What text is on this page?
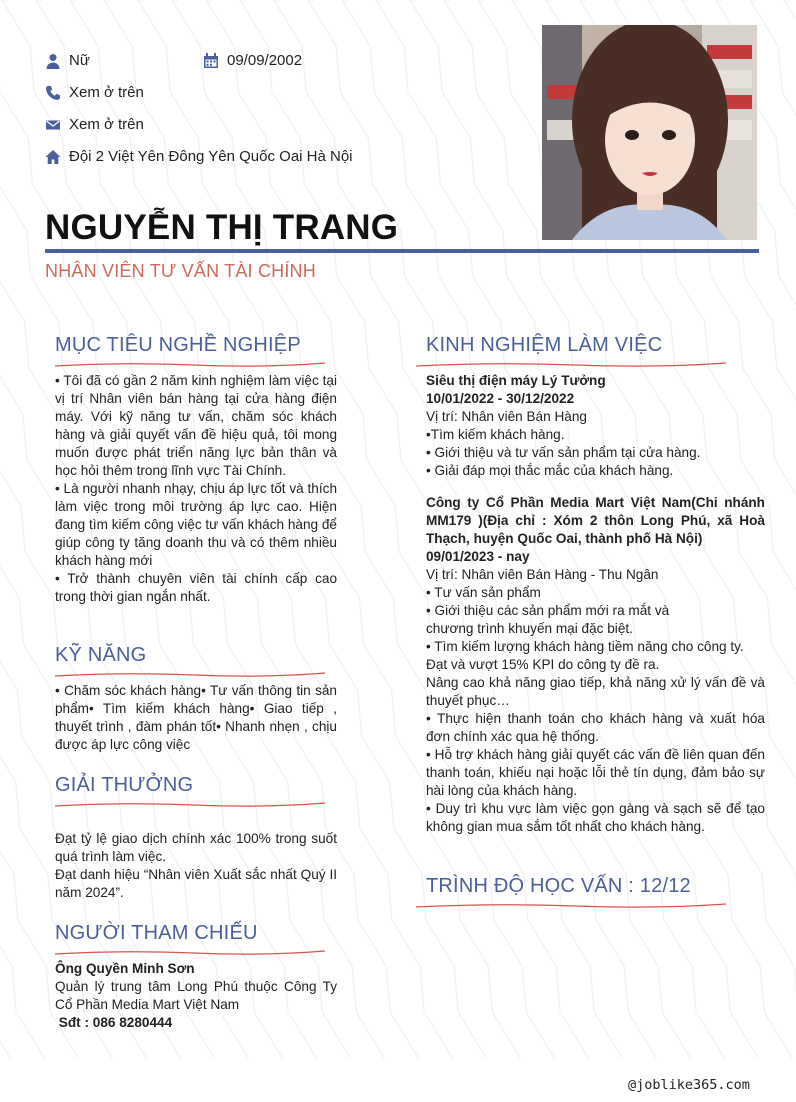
Nữ	09/09/2002
Xem ở trên
Xem ở trên
Đội 2 Việt Yên Đông Yên Quốc Oai Hà Nội
NGUYỄN THỊ TRANG
NHÂN VIÊN TƯ VẤN TÀI CHÍNH
MỤC TIÊU NGHỀ NGHIỆP

• Tôi đã có gần 2 năm kinh nghiệm làm việc tại vị trí Nhân viên bán hàng tại cửa hàng điện máy. Với kỹ năng tư vấn, chăm sóc khách hàng và giải quyết vấn đề hiệu quả, tôi mong muốn được phát triển năng lực bản thân và học hỏi thêm trong lĩnh vực Tài Chính.

• Là người nhanh nhạy, chịu áp lực tốt và thích làm việc trong môi trường áp lực cao. Hiện đang tìm kiếm công việc tư vấn khách hàng để giúp công ty tăng doanh thu và có thêm nhiều khách hàng mới

• Trở thành chuyên viên tài chính cấp cao trong thời gian ngắn nhất.

KỸ NĂNG

• Chăm sóc khách hàng• Tư vấn thông tin sản phẩm• Tìm kiếm khách hàng• Giao tiếp , thuyết trình , đàm phán tốt• Nhanh nhẹn , chịu được áp lực công việc

GIẢI THƯỞNG

Đạt tỷ lệ giao dịch chính xác 100% trong suốt quá trình làm việc.

Đạt danh hiệu “Nhân viên Xuất sắc nhất Quý II năm 2024”.

NGƯỜI THAM CHIẾU

Ông Quyền Minh Sơn

Quản lý trung tâm Long Phú thuộc Công Ty Cổ Phần Media Mart Việt Nam

Sđt : 086 8280444

KINH NGHIỆM LÀM VIỆC

Siêu thị điện máy Lý Tưởng

10/01/2022 - 30/12/2022

Vị trí: Nhân viên Bán Hàng

•Tìm kiếm khách hàng.

• Giới thiệu và tư vấn sản phẩm tại cửa hàng.

• Giải đáp mọi thắc mắc của khách hàng.

Công ty Cổ Phần Media Mart Việt Nam(Chi nhánh MM179 )(Địa chỉ : Xóm 2 thôn Long Phú, xã Hoà Thạch, huyện Quốc Oai, thành phố Hà Nội)

09/01/2023 - nay

Vị trí: Nhân viên Bán Hàng - Thu Ngân

• Tư vấn sản phẩm

• Giới thiệu các sản phẩm mới ra mắt và

chương trình khuyến mại đặc biệt.

• Tìm kiếm lượng khách hàng tiềm năng cho công ty.

Đạt và vượt 15% KPI do công ty đề ra.

Nâng cao khả năng giao tiếp, khả năng xử lý vấn đề và thuyết phục…

• Thực hiện thanh toán cho khách hàng và xuất hóa đơn chính xác qua hệ thống.

• Hỗ trợ khách hàng giải quyết các vấn đề liên quan đến thanh toán, khiếu nại hoặc lỗi thẻ tín dụng, đảm bảo sự hài lòng của khách hàng.

• Duy trì khu vực làm việc gọn gàng và sạch sẽ để tạo không gian mua sắm tốt nhất cho khách hàng.

TRÌNH ĐỘ HỌC VẤN : 12/12
@joblike365.com
